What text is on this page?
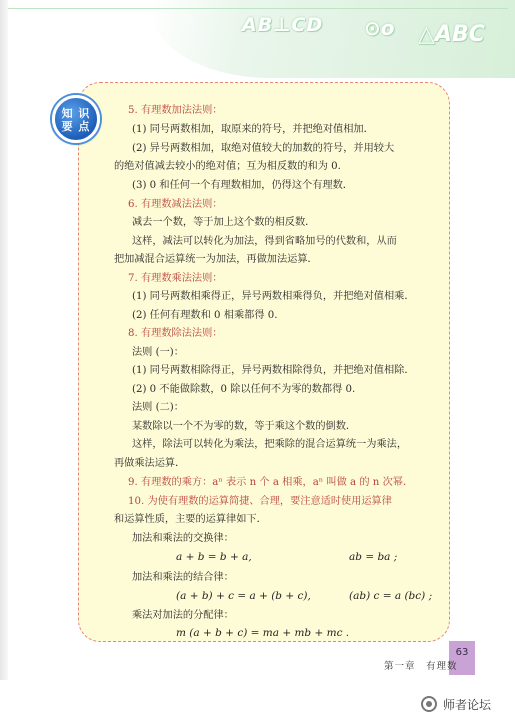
AB⊥CD ⊙o △ABC
知 识
要 点
5. 有理数加法法则：
(1) 同号两数相加，取原来的符号，并把绝对值相加．
(2) 异号两数相加，取绝对值较大的加数的符号，并用较大
的绝对值减去较小的绝对值；互为相反数的和为 0.
(3) 0 和任何一个有理数相加，仍得这个有理数．
6. 有理数减法法则：
减去一个数，等于加上这个数的相反数．
这样，减法可以转化为加法，得到省略加号的代数和，从而
把加减混合运算统一为加法，再做加法运算．
7. 有理数乘法法则：
(1) 同号两数相乘得正，异号两数相乘得负，并把绝对值相乘．
(2) 任何有理数和 0 相乘都得 0.
8. 有理数除法法则：
法则 (一)：
(1) 同号两数相除得正，异号两数相除得负，并把绝对值相除．
(2) 0 不能做除数，0 除以任何不为零的数都得 0.
法则 (二)：
某数除以一个不为零的数，等于乘这个数的倒数．
这样，除法可以转化为乘法，把乘除的混合运算统一为乘法，
再做乘法运算．
9. 有理数的乘方：aⁿ 表示 n 个 a 相乘，aⁿ 叫做 a 的 n 次幂．
10. 为使有理数的运算简捷、合理，要注意适时使用运算律
和运算性质，主要的运算律如下．
加法和乘法的交换律：
a + b = b + a,	ab = ba ;
加法和乘法的结合律：
(a + b) + c = a + (b + c),	(ab) c = a (bc) ;
乘法对加法的分配律：
m (a + b + c) = ma + mb + mc .
63
第一章　有理数
师者论坛
